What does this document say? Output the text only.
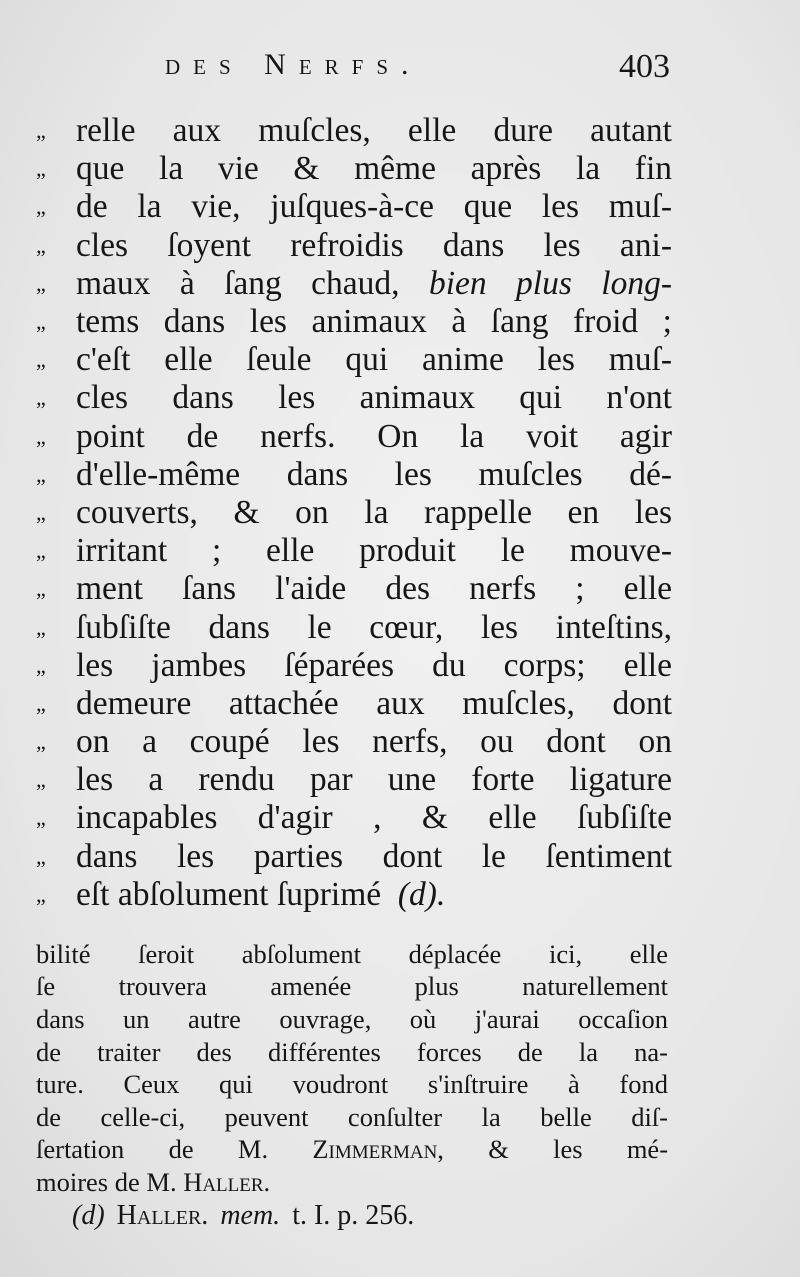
des Nerfs.	403
„ relle aux muſcles, elle dure autant
„ que la vie & même après la fin
„ de la vie, juſques-à-ce que les muſ-
„ cles ſoyent refroidis dans les ani-
„ maux à ſang chaud, bien plus long-
„ tems dans les animaux à ſang froid ;
„ c'eſt elle ſeule qui anime les muſ-
„ cles dans les animaux qui n'ont
„ point de nerfs. On la voit agir
„ d'elle-même dans les muſcles dé-
„ couverts, & on la rappelle en les
„ irritant ; elle produit le mouve-
„ ment ſans l'aide des nerfs ; elle
„ ſubſiſte dans le cœur, les inteſtins,
„ les jambes ſéparées du corps; elle
„ demeure attachée aux muſcles, dont
„ on a coupé les nerfs, ou dont on
„ les a rendu par une forte ligature
„ incapables d'agir , & elle ſubſiſte
„ dans les parties dont le ſentiment
„ eſt abſolument ſuprimé (d).
bilité ſeroit abſolument déplacée ici, elle
ſe trouvera amenée plus naturellement
dans un autre ouvrage, où j'aurai occaſion
de traiter des différentes forces de la na-
ture. Ceux qui voudront s'inſtruire à fond
de celle-ci, peuvent conſulter la belle diſ-
ſertation de M. Zimmerman, & les mé-
moires de M. Haller.
(d) Haller. mem. t. I. p. 256.
